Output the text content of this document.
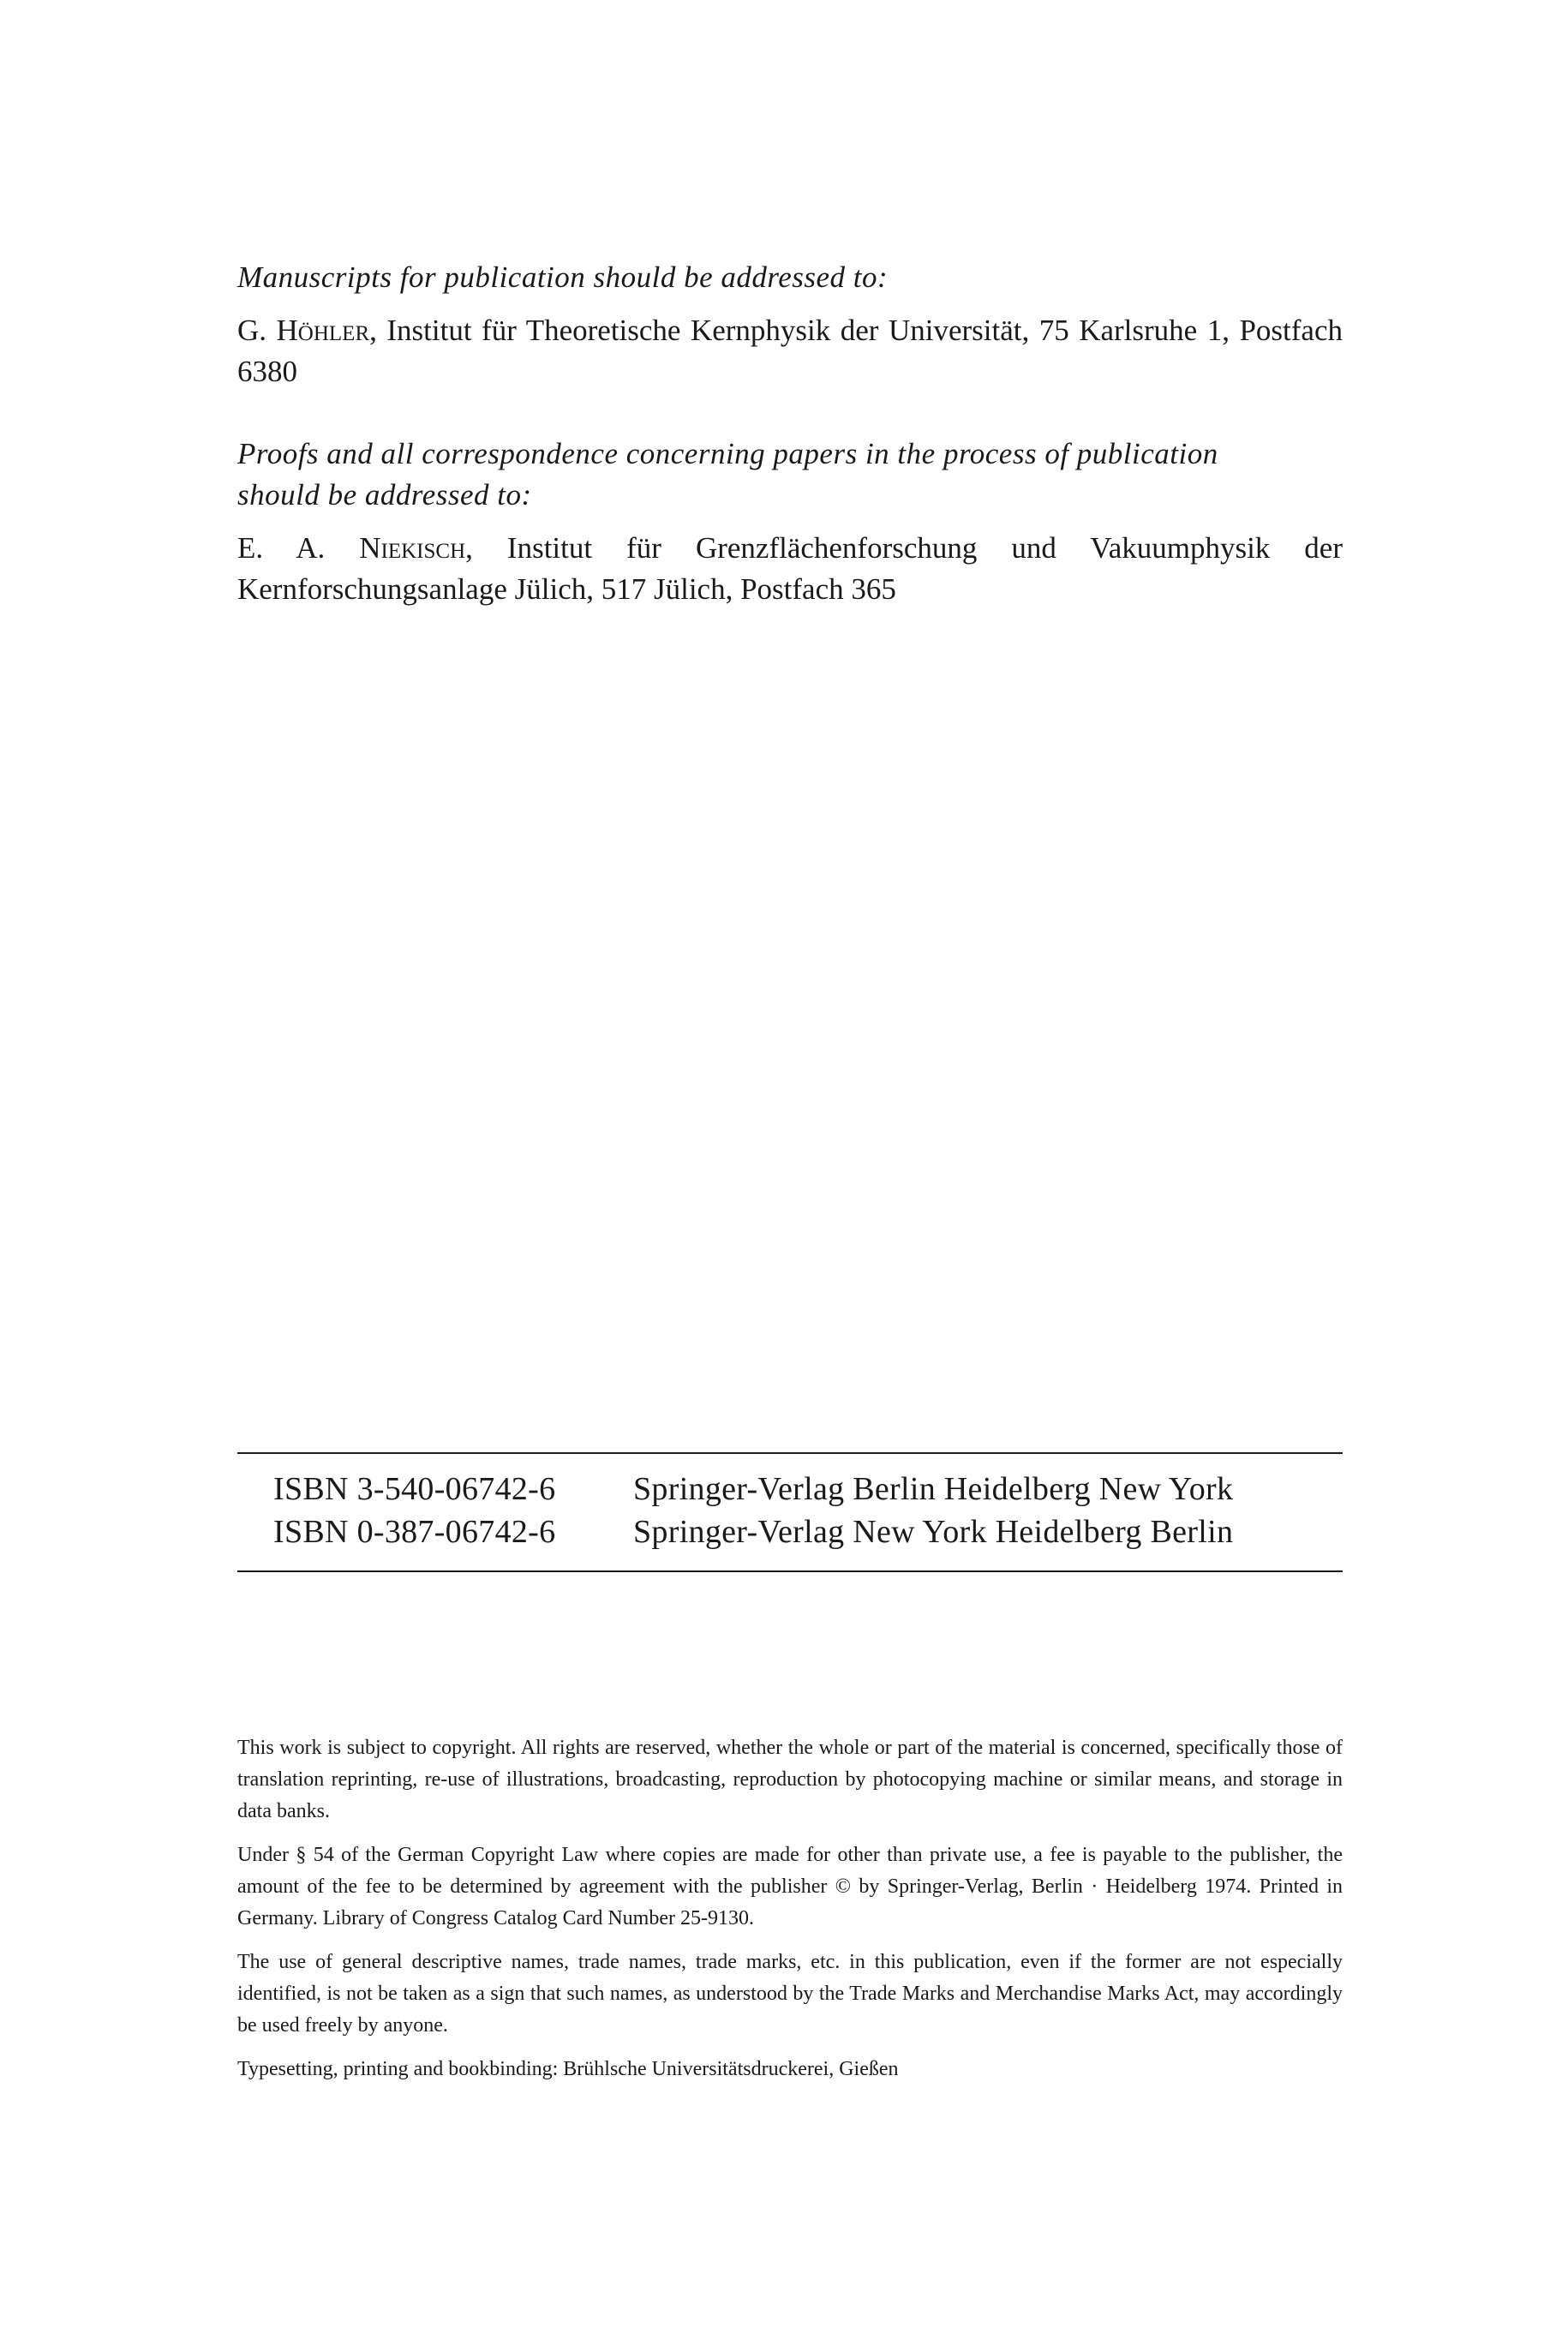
Manuscripts for publication should be addressed to:

G. Höhler, Institut für Theoretische Kernphysik der Universität, 75 Karlsruhe 1, Postfach 6380

Proofs and all correspondence concerning papers in the process of publication

should be addressed to:

E. A. Niekisch, Institut für Grenzflächenforschung und Vakuumphysik der Kernforschungsanlage Jülich, 517 Jülich, Postfach 365

ISBN 3-540-06742-6	Springer-Verlag Berlin Heidelberg New York
ISBN 0-387-06742-6	Springer-Verlag New York Heidelberg Berlin

This work is subject to copyright. All rights are reserved, whether the whole or part of the material is concerned, specifically those of translation reprinting, re-use of illustrations, broadcasting, reproduction by photocopying machine or similar means, and storage in data banks.

Under § 54 of the German Copyright Law where copies are made for other than private use, a fee is payable to the publisher, the amount of the fee to be determined by agreement with the publisher © by Springer-Verlag, Berlin · Heidelberg 1974. Printed in Germany. Library of Congress Catalog Card Number 25-9130.

The use of general descriptive names, trade names, trade marks, etc. in this publication, even if the former are not especially identified, is not be taken as a sign that such names, as understood by the Trade Marks and Merchandise Marks Act, may accordingly be used freely by anyone.

Typesetting, printing and bookbinding: Brühlsche Universitätsdruckerei, Gießen
